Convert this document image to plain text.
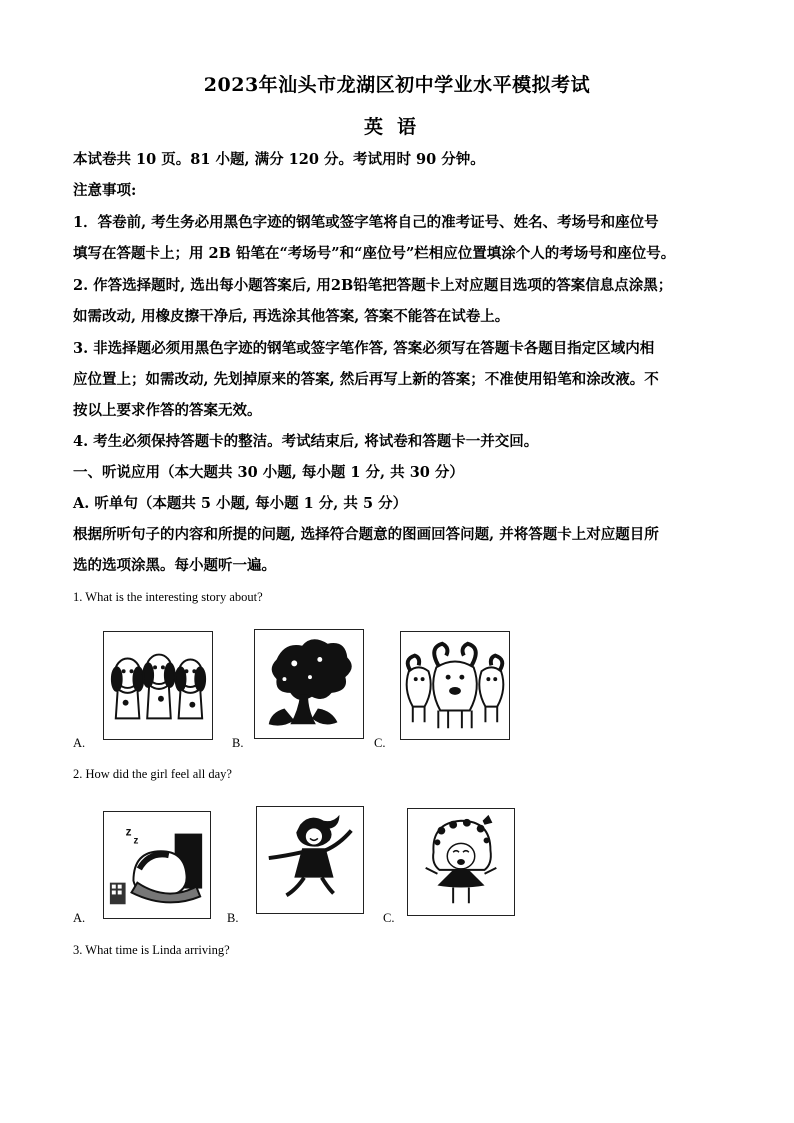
2023年汕头市龙湖区初中学业水平模拟考试
英语
本试卷共 10 页。81 小题, 满分 120 分。考试用时 90 分钟。
注意事项:
1．答卷前, 考生务必用黑色字迹的钢笔或签字笔将自己的准考证号、姓名、考场号和座位号
填写在答题卡上；用 2B 铅笔在“考场号”和“座位号”栏相应位置填涂个人的考场号和座位号。
2. 作答选择题时, 选出每小题答案后, 用2B铅笔把答题卡上对应题目选项的答案信息点涂黑；
如需改动, 用橡皮擦干净后, 再选涂其他答案, 答案不能答在试卷上。
3. 非选择题必须用黑色字迹的钢笔或签字笔作答, 答案必须写在答题卡各题目指定区域内相
应位置上；如需改动, 先划掉原来的答案, 然后再写上新的答案；不准使用铅笔和涂改液。不
按以上要求作答的答案无效。
4. 考生必须保持答题卡的整洁。考试结束后, 将试卷和答题卡一并交回。
一、听说应用（本大题共 30 小题, 每小题 1 分, 共 30 分）
A. 听单句（本题共 5 小题, 每小题 1 分, 共 5 分）
根据所听句子的内容和所提的问题, 选择符合题意的图画回答问题, 并将答题卡上对应题目所
选的选项涂黑。每小题听一遍。
1. What is the interesting story about?
A.	B.	C.
2. How did the girl feel all day?
A.	B.	C.
z
z
3. What time is Linda arriving?
